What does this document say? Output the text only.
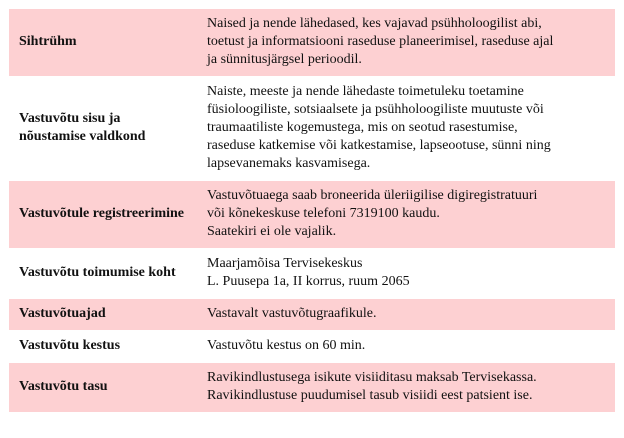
Sihtrühm	Naised ja nende lähedased, kes vajavad psühholoogilist abi,
toetust ja informatsiooni raseduse planeerimisel, raseduse ajal
ja sünnitusjärgsel perioodil.

Vastuvõtu sisu ja nõustamise valdkond	Naiste, meeste ja nende lähedaste toimetuleku toetamine
füsioloogiliste, sotsiaalsete ja psühholoogiliste muutuste või
traumaatiliste kogemustega, mis on seotud rasestumise,
raseduse katkemise või katkestamise, lapseootuse, sünni ning
lapsevanemaks kasvamisega.

Vastuvõtule registreerimine	Vastuvõtuaega saab broneerida üleriigilise digiregistratuuri
või kõnekeskuse telefoni 7319100 kaudu.
Saatekiri ei ole vajalik.

Vastuvõtu toimumise koht	Maarjamõisa Tervisekeskus
L. Puusepa 1a, II korrus, ruum 2065

Vastuvõtuajad	Vastavalt vastuvõtugraafikule.

Vastuvõtu kestus	Vastuvõtu kestus on 60 min.

Vastuvõtu tasu	Ravikindlustusega isikute visiiditasu maksab Tervisekassa.
Ravikindlustuse puudumisel tasub visiidi eest patsient ise.
